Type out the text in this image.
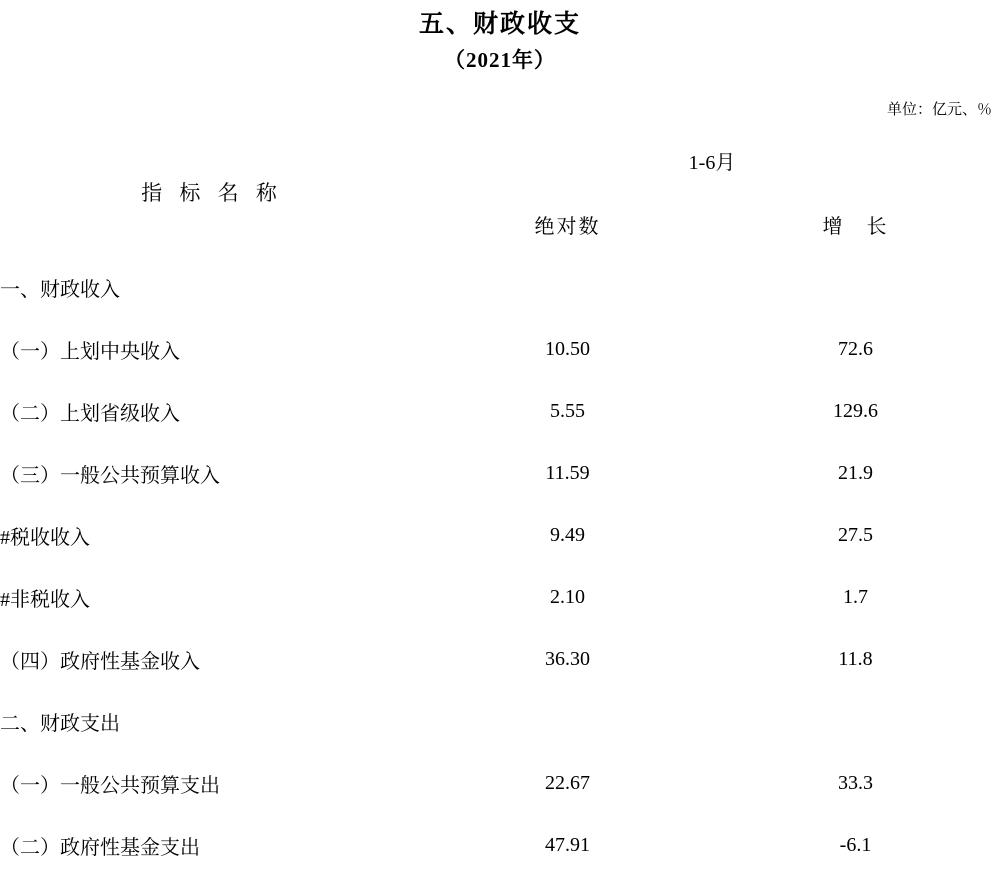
五、财政收支
（2021年）
单位：亿元、％
指 标 名 称	1-6月	
	绝对数	增　长
一、财政收入		
（一）上划中央收入	10.50	72.6
（二）上划省级收入	5.55	129.6
（三）一般公共预算收入	11.59	21.9
#税收收入	9.49	27.5
#非税收入	2.10	1.7
（四）政府性基金收入	36.30	11.8
二、财政支出		
（一）一般公共预算支出	22.67	33.3
（二）政府性基金支出	47.91	-6.1
